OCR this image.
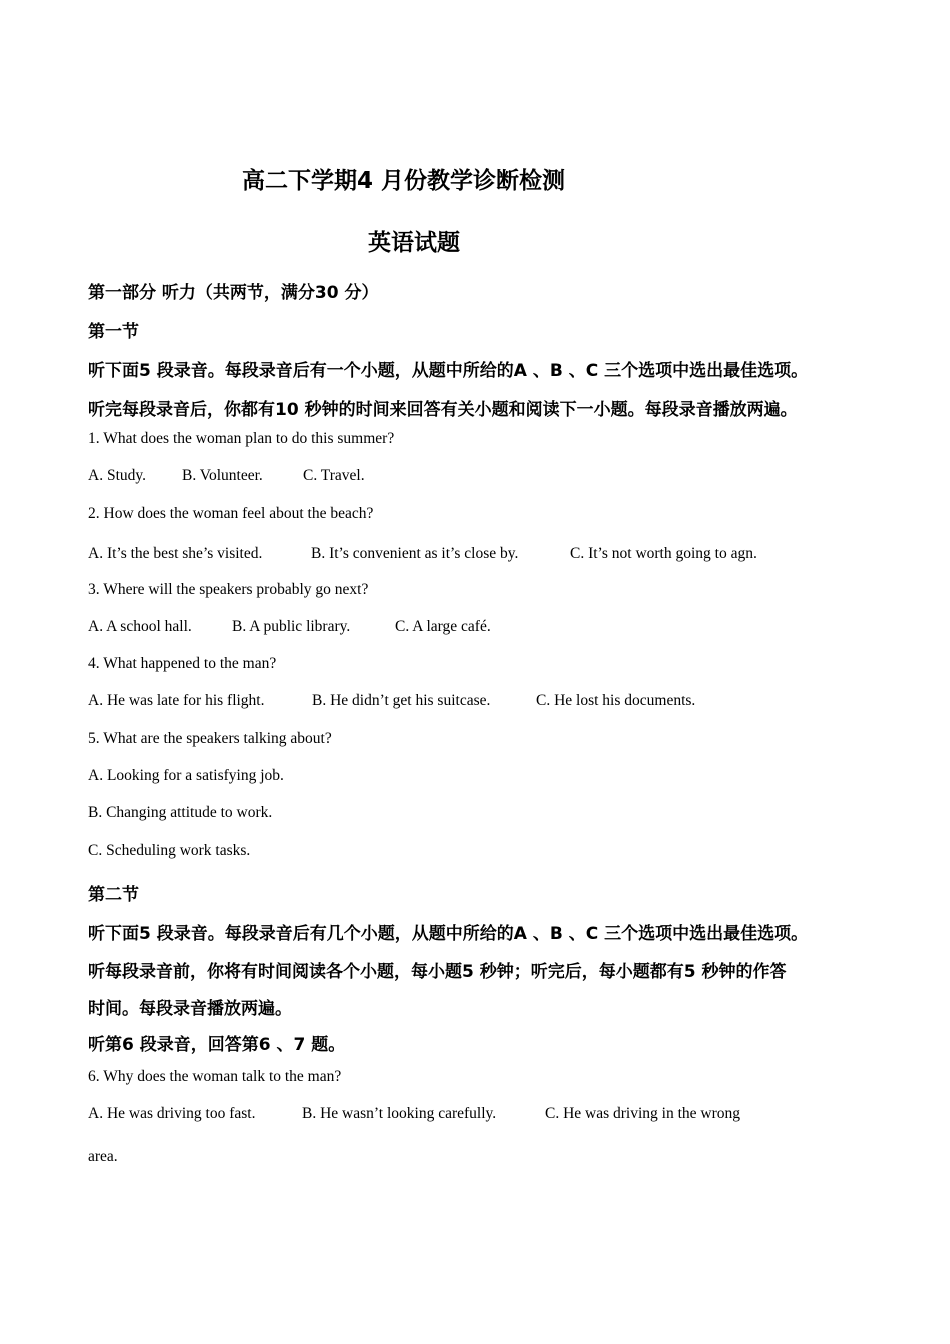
高二下学期4 月份教学诊断检测
英语试题
第一部分 听力（共两节，满分30 分）
第一节
听下面5 段录音。每段录音后有一个小题，从题中所给的A 、B 、C 三个选项中选出最佳选项。
听完每段录音后，你都有10 秒钟的时间来回答有关小题和阅读下一小题。每段录音播放两遍。
1. What does the woman plan to do this summer?
A. Study. B. Volunteer.	C. Travel.
2. How does the woman feel about the beach?
A. It’s the best she’s visited.	B. It’s convenient as it’s close by.	C. It’s not worth going to agn.
3. Where will the speakers probably go next?
A. A school hall.	B. A public library.	C. A large café.
4. What happened to the man?
A. He was late for his flight.	B. He didn’t get his suitcase.	C. He lost his documents.
5. What are the speakers talking about?
A. Looking for a satisfying job.
B. Changing attitude to work.
C. Scheduling work tasks.
第二节
听下面5 段录音。每段录音后有几个小题，从题中所给的A 、B 、C 三个选项中选出最佳选项。
听每段录音前，你将有时间阅读各个小题，每小题5 秒钟；听完后，每小题都有5 秒钟的作答
时间。每段录音播放两遍。
听第6 段录音，回答第6 、7 题。
6. Why does the woman talk to the man?
A. He was driving too fast.	B. He wasn’t looking carefully.	C. He was driving in the wrong
area.
